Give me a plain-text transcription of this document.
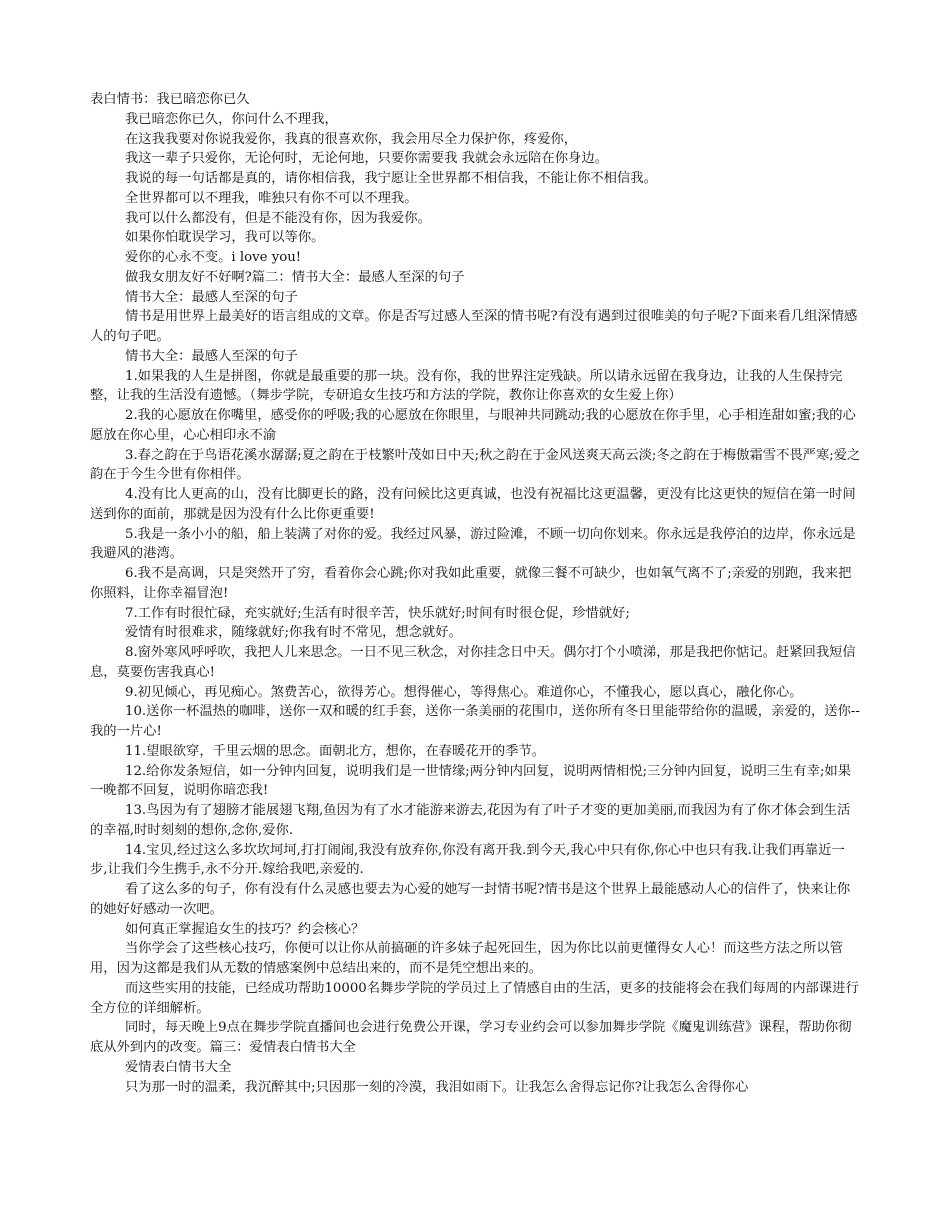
表白情书：我已暗恋你已久

我已暗恋你已久，你问什么不理我，

在这我我要对你说我爱你，我真的很喜欢你，我会用尽全力保护你，疼爱你，

我这一辈子只爱你，无论何时，无论何地，只要你需要我 我就会永远陪在你身边。

我说的每一句话都是真的，请你相信我，我宁愿让全世界都不相信我，不能让你不相信我。

全世界都可以不理我，唯独只有你不可以不理我。

我可以什么都没有，但是不能没有你，因为我爱你。

如果你怕耽误学习，我可以等你。

爱你的心永不变。i love you!

做我女朋友好不好啊?篇二：情书大全：最感人至深的句子

情书大全：最感人至深的句子

情书是用世界上最美好的语言组成的文章。你是否写过感人至深的情书呢?有没有遇到过很唯美的句子呢?下面来看几组深情感人的句子吧。

情书大全：最感人至深的句子

1.如果我的人生是拼图，你就是最重要的那一块。没有你，我的世界注定残缺。所以请永远留在我身边，让我的人生保持完整，让我的生活没有遗憾。（舞步学院，专研追女生技巧和方法的学院，教你让你喜欢的女生爱上你）

2.我的心愿放在你嘴里，感受你的呼吸;我的心愿放在你眼里，与眼神共同跳动;我的心愿放在你手里，心手相连甜如蜜;我的心愿放在你心里，心心相印永不渝

3.春之韵在于鸟语花溪水潺潺;夏之韵在于枝繁叶茂如日中天;秋之韵在于金风送爽天高云淡;冬之韵在于梅傲霜雪不畏严寒;爱之韵在于今生今世有你相伴。

4.没有比人更高的山，没有比脚更长的路，没有问候比这更真诚，也没有祝福比这更温馨，更没有比这更快的短信在第一时间送到你的面前，那就是因为没有什么比你更重要!

5.我是一条小小的船，船上装满了对你的爱。我经过风暴，游过险滩，不顾一切向你划来。你永远是我停泊的边岸，你永远是我避风的港湾。

6.我不是高调，只是突然开了穷，看着你会心跳;你对我如此重要，就像三餐不可缺少，也如氧气离不了;亲爱的别跑，我来把你照料，让你幸福冒泡!

7.工作有时很忙碌，充实就好;生活有时很辛苦，快乐就好;时间有时很仓促，珍惜就好;

爱情有时很难求，随缘就好;你我有时不常见，想念就好。

8.窗外寒风呼呼吹，我把人儿来思念。一日不见三秋念，对你挂念日中天。偶尔打个小喷涕，那是我把你惦记。赶紧回我短信息，莫要伤害我真心!

9.初见倾心，再见痴心。煞费苦心，欲得芳心。想得催心，等得焦心。难道你心，不懂我心，愿以真心，融化你心。

10.送你一杯温热的咖啡，送你一双和暖的红手套，送你一条美丽的花围巾，送你所有冬日里能带给你的温暖，亲爱的，送你--我的一片心!

11.望眼欲穿，千里云烟的思念。面朝北方，想你，在春暖花开的季节。

12.给你发条短信，如一分钟内回复，说明我们是一世情缘;两分钟内回复，说明两情相悦;三分钟内回复，说明三生有幸;如果一晚都不回复，说明你暗恋我!

13.鸟因为有了翅膀才能展翅飞翔,鱼因为有了水才能游来游去,花因为有了叶子才变的更加美丽,而我因为有了你才体会到生活的幸福,时时刻刻的想你,念你,爱你.

14.宝贝,经过这么多坎坎坷坷,打打闹闹,我没有放弃你,你没有离开我.到今天,我心中只有你,你心中也只有我.让我们再靠近一步,让我们今生携手,永不分开.嫁给我吧,亲爱的.

看了这么多的句子，你有没有什么灵感也要去为心爱的她写一封情书呢?情书是这个世界上最能感动人心的信件了，快来让你的她好好感动一次吧。

如何真正掌握追女生的技巧？约会核心？

当你学会了这些核心技巧，你便可以让你从前搞砸的许多妹子起死回生，因为你比以前更懂得女人心！而这些方法之所以管用，因为这都是我们从无数的情感案例中总结出来的，而不是凭空想出来的。

而这些实用的技能，已经成功帮助10000名舞步学院的学员过上了情感自由的生活，更多的技能将会在我们每周的内部课进行全方位的详细解析。

同时，每天晚上9点在舞步学院直播间也会进行免费公开课，学习专业约会可以参加舞步学院《魔鬼训练营》课程，帮助你彻底从外到内的改变。篇三：爱情表白情书大全

爱情表白情书大全

只为那一时的温柔，我沉醉其中;只因那一刻的冷漠，我泪如雨下。让我怎么舍得忘记你?让我怎么舍得你心
